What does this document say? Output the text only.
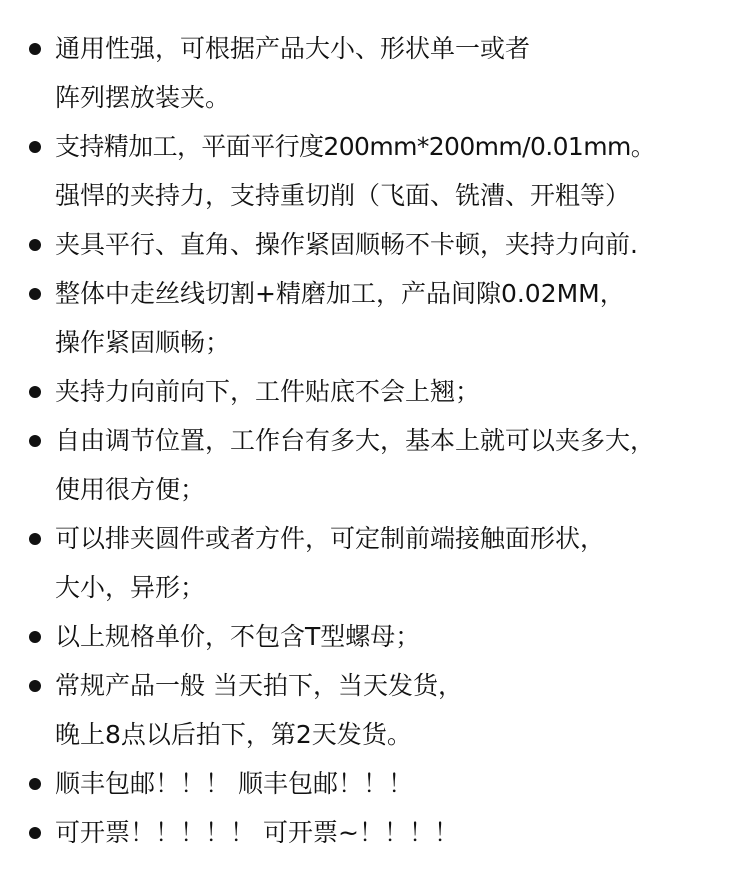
通用性强，可根据产品大小、形状单一或者
阵列摆放装夹。
支持精加工，平面平行度200mm*200mm/0.01mm。
强悍的夹持力，支持重切削（飞面、铣漕、开粗等）
夹具平行、直角、操作紧固顺畅不卡顿，夹持力向前.
整体中走丝线切割+精磨加工，产品间隙0.02MM，
操作紧固顺畅；
夹持力向前向下，工件贴底不会上翘；
自由调节位置，工作台有多大，基本上就可以夹多大，
使用很方便；
可以排夹圆件或者方件，可定制前端接触面形状，
大小，异形；
以上规格单价，不包含T型螺母；
常规产品一般 当天拍下，当天发货，
晚上8点以后拍下，第2天发货。
顺丰包邮！！！ 顺丰包邮！！！
可开票！！！！！ 可开票~！！！！
